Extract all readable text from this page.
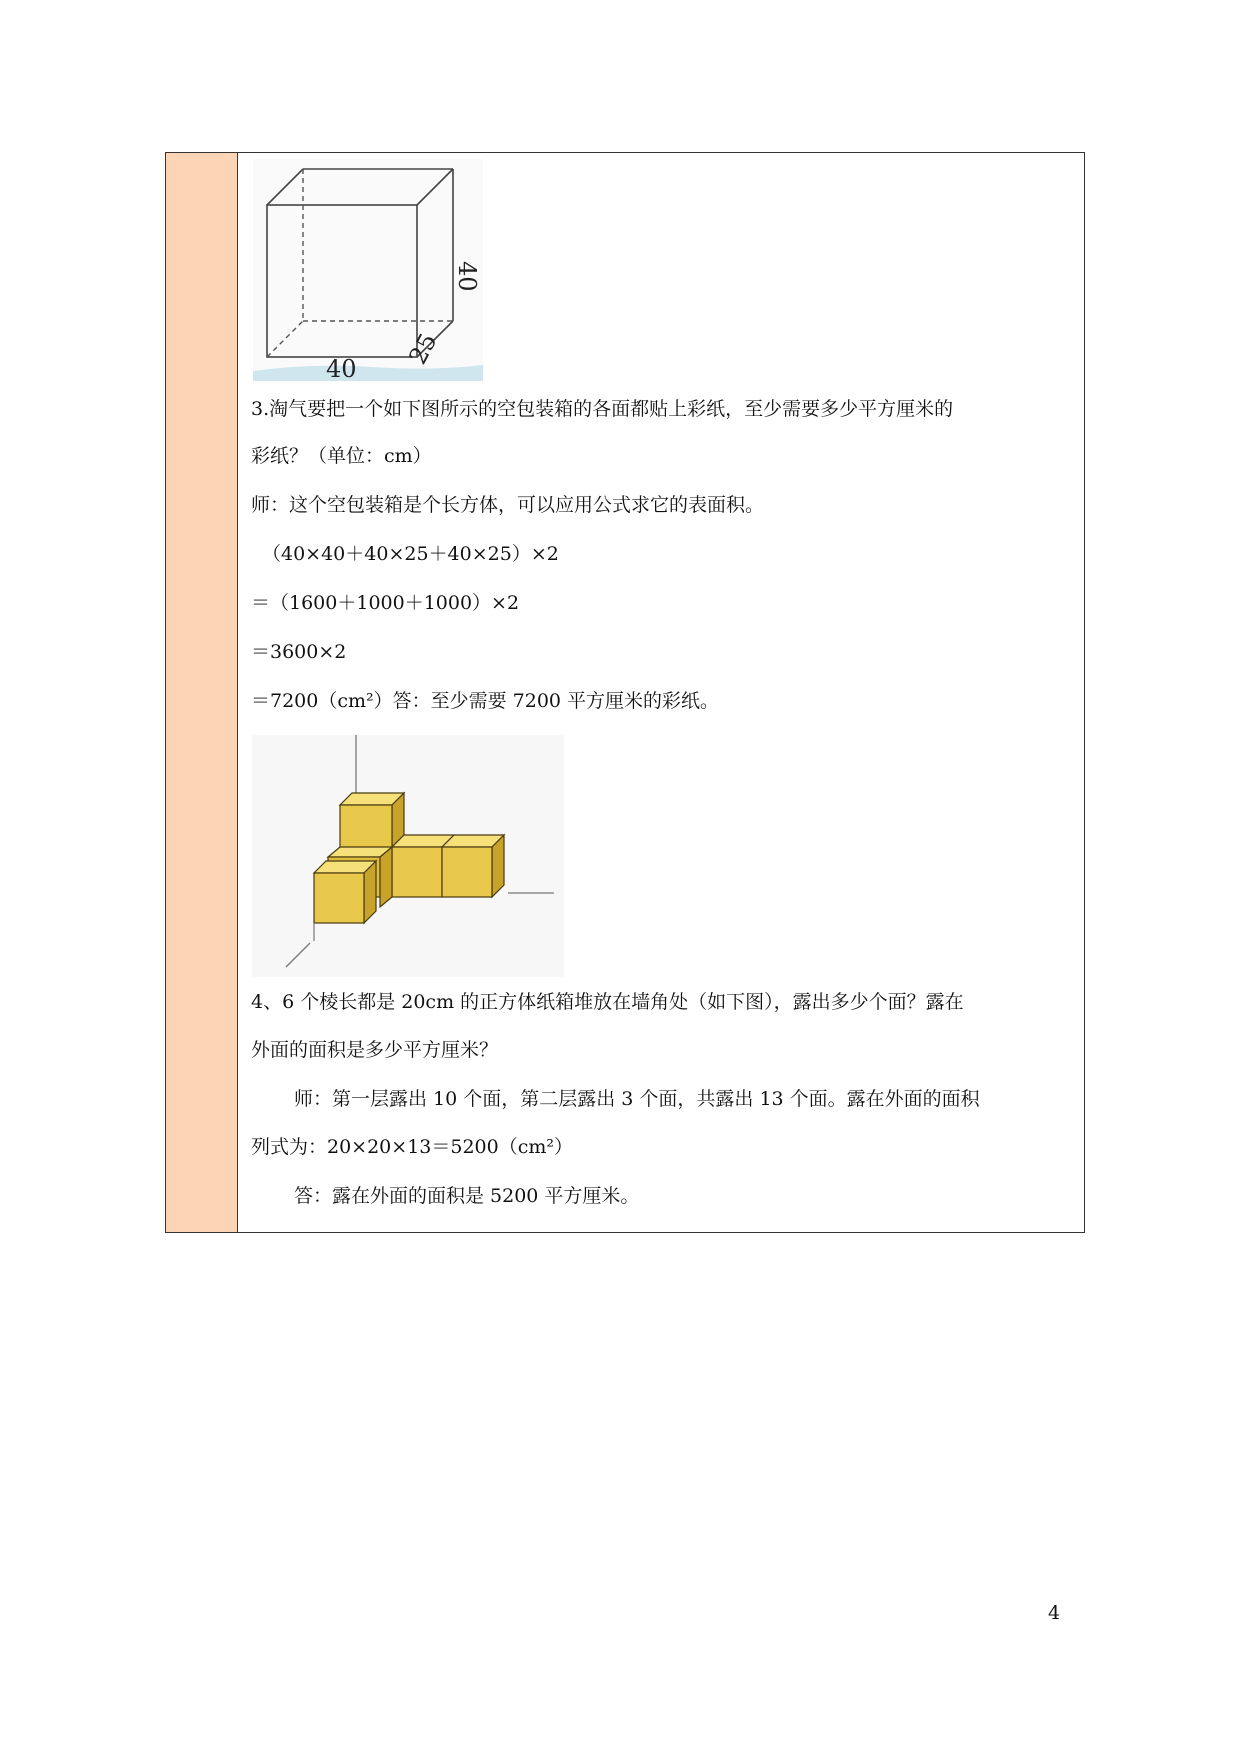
40
25
40
3.淘气要把一个如下图所示的空包装箱的各面都贴上彩纸，至少需要多少平方厘米的
彩纸？（单位：cm）
师：这个空包装箱是个长方体，可以应用公式求它的表面积。
（40×40＋40×25＋40×25）×2
＝（1600＋1000＋1000）×2
＝3600×2
＝7200（cm²）答：至少需要 7200 平方厘米的彩纸。
4、6 个棱长都是 20cm 的正方体纸箱堆放在墙角处（如下图），露出多少个面？露在
外面的面积是多少平方厘米？
师：第一层露出 10 个面，第二层露出 3 个面，共露出 13 个面。露在外面的面积
列式为：20×20×13＝5200（cm²）
答：露在外面的面积是 5200 平方厘米。
4
